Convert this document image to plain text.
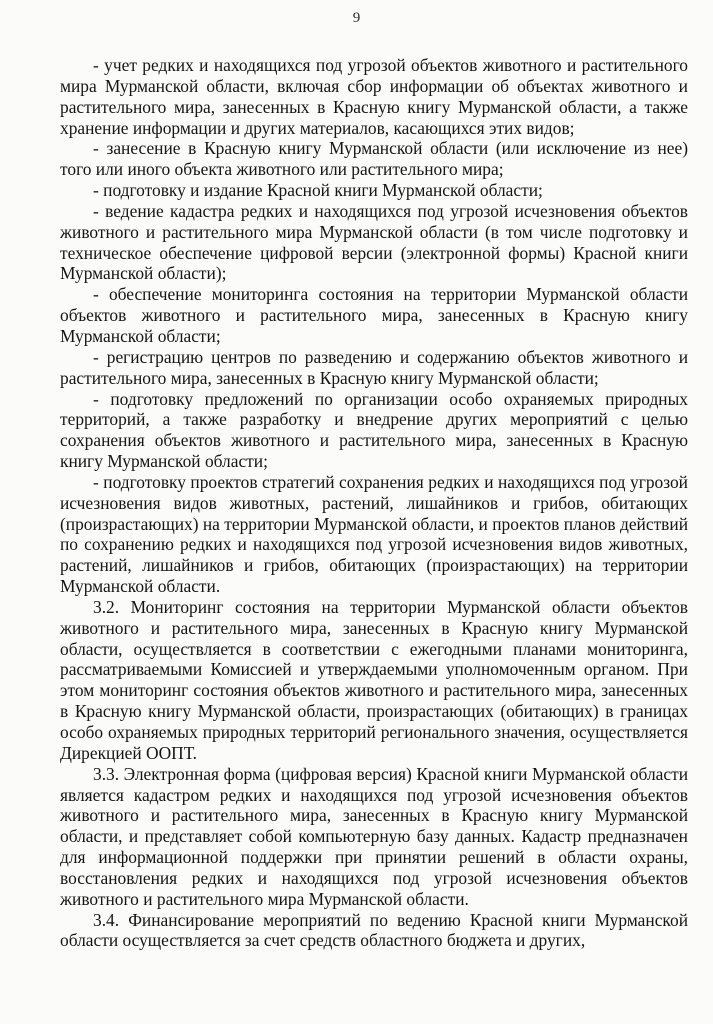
9

- учет редких и находящихся под угрозой объектов животного и растительного мира Мурманской области, включая сбор информации об объектах животного и растительного мира, занесенных в Красную книгу Мурманской области, а также хранение информации и других материалов, касающихся этих видов;

- занесение в Красную книгу Мурманской области (или исключение из нее) того или иного объекта животного или растительного мира;

- подготовку и издание Красной книги Мурманской области;

- ведение кадастра редких и находящихся под угрозой исчезновения объектов животного и растительного мира Мурманской области (в том числе подготовку и техническое обеспечение цифровой версии (электронной формы) Красной книги Мурманской области);

- обеспечение мониторинга состояния на территории Мурманской области объектов животного и растительного мира, занесенных в Красную книгу Мурманской области;

- регистрацию центров по разведению и содержанию объектов животного и растительного мира, занесенных в Красную книгу Мурманской области;

- подготовку предложений по организации особо охраняемых природных территорий, а также разработку и внедрение других мероприятий с целью сохранения объектов животного и растительного мира, занесенных в Красную книгу Мурманской области;

- подготовку проектов стратегий сохранения редких и находящихся под угрозой исчезновения видов животных, растений, лишайников и грибов, обитающих (произрастающих) на территории Мурманской области, и проектов планов действий по сохранению редких и находящихся под угрозой исчезновения видов животных, растений, лишайников и грибов, обитающих (произрастающих) на территории Мурманской области.

3.2. Мониторинг состояния на территории Мурманской области объектов животного и растительного мира, занесенных в Красную книгу Мурманской области, осуществляется в соответствии с ежегодными планами мониторинга, рассматриваемыми Комиссией и утверждаемыми уполномоченным органом. При этом мониторинг состояния объектов животного и растительного мира, занесенных в Красную книгу Мурманской области, произрастающих (обитающих) в границах особо охраняемых природных территорий регионального значения, осуществляется Дирекцией ООПТ.

3.3. Электронная форма (цифровая версия) Красной книги Мурманской области является кадастром редких и находящихся под угрозой исчезновения объектов животного и растительного мира, занесенных в Красную книгу Мурманской области, и представляет собой компьютерную базу данных. Кадастр предназначен для информационной поддержки при принятии решений в области охраны, восстановления редких и находящихся под угрозой исчезновения объектов животного и растительного мира Мурманской области.

3.4. Финансирование мероприятий по ведению Красной книги Мурманской области осуществляется за счет средств областного бюджета и других,
